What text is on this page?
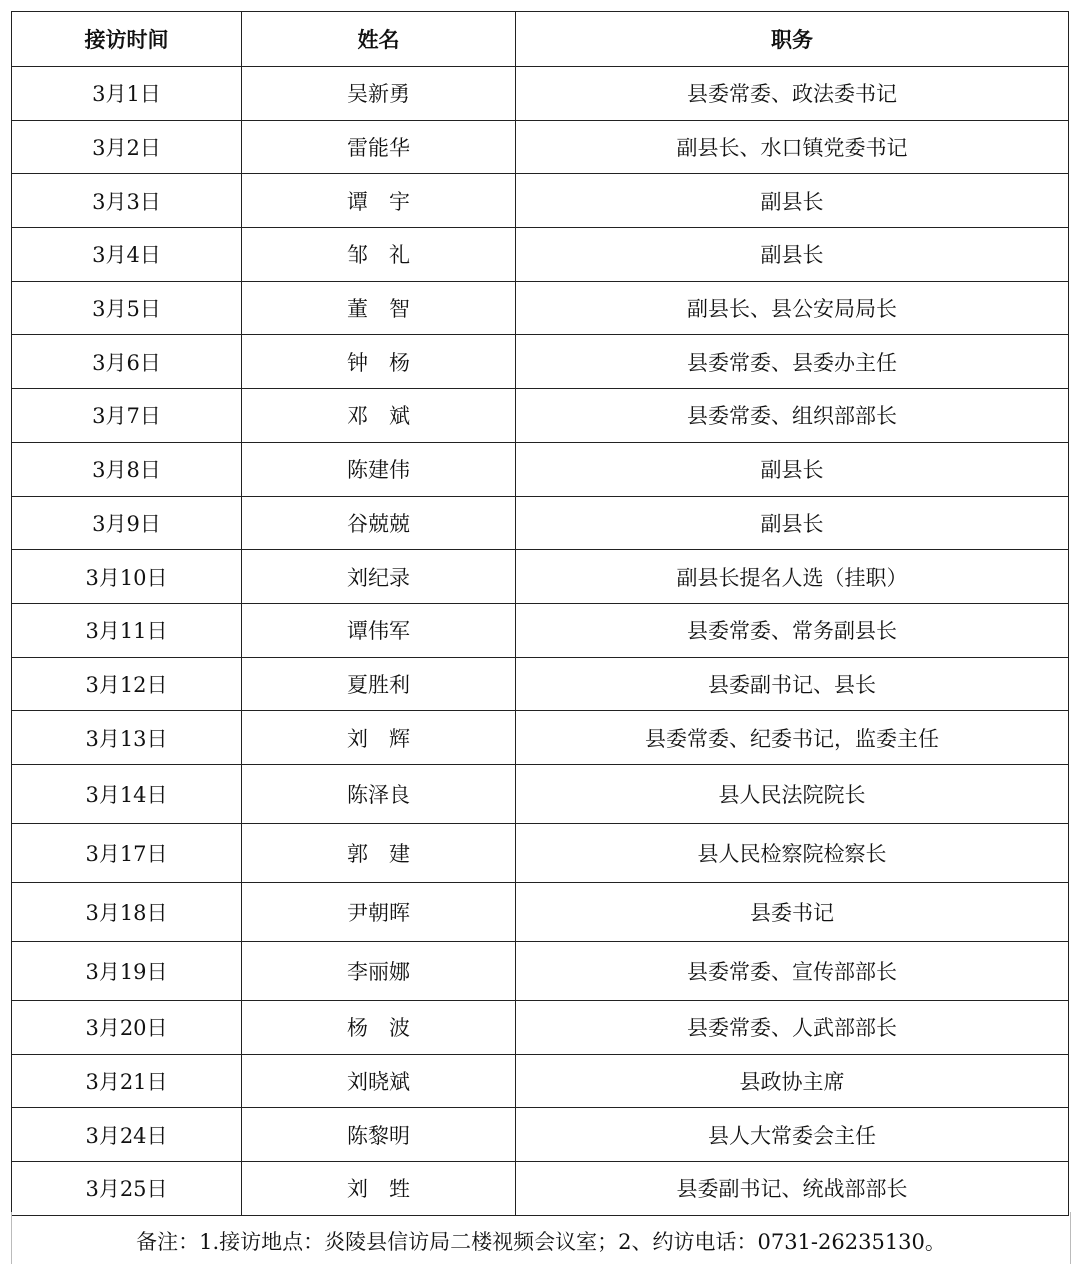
接访时间	姓名	职务
3月1日	吴新勇	县委常委、政法委书记
3月2日	雷能华	副县长、水口镇党委书记
3月3日	谭　宇	副县长
3月4日	邹　礼	副县长
3月5日	董　智	副县长、县公安局局长
3月6日	钟　杨	县委常委、县委办主任
3月7日	邓　斌	县委常委、组织部部长
3月8日	陈建伟	副县长
3月9日	谷兢兢	副县长
3月10日	刘纪录	副县长提名人选（挂职）
3月11日	谭伟军	县委常委、常务副县长
3月12日	夏胜利	县委副书记、县长
3月13日	刘　辉	县委常委、纪委书记，监委主任
3月14日	陈泽良	县人民法院院长
3月17日	郭　建	县人民检察院检察长
3月18日	尹朝晖	县委书记
3月19日	李丽娜	县委常委、宣传部部长
3月20日	杨　波	县委常委、人武部部长
3月21日	刘晓斌	县政协主席
3月24日	陈黎明	县人大常委会主任
3月25日	刘　甡	县委副书记、统战部部长
备注：1.接访地点：炎陵县信访局二楼视频会议室；2、约访电话：0731-26235130。
